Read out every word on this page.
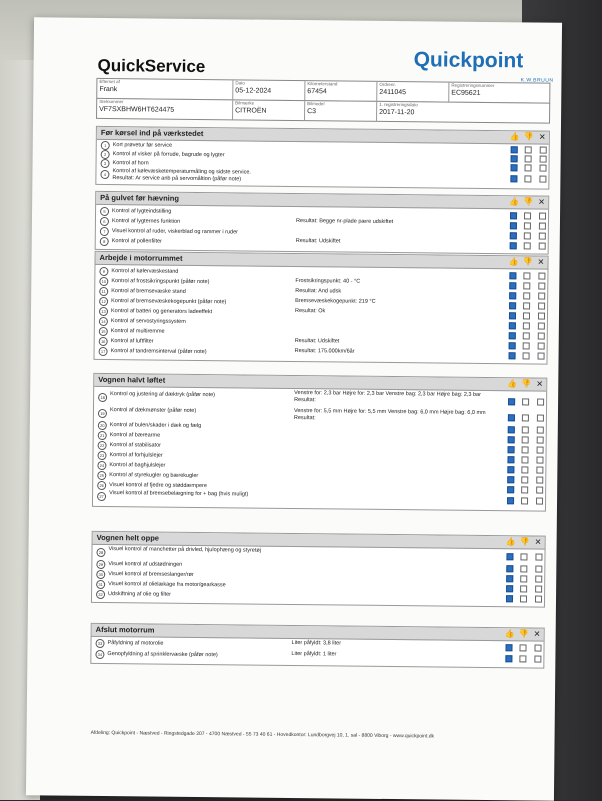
QuickService	Quickpoint
K.W.BRUUN
Efterset af
Frank
Dato
05-12-2024
Kilometerstand
67454
Ordrenr.
2411045
Registreringsnummer
EC95621
Stelnummer
VF7SXBHW6HT624475
Bilmærke
CITROËN
Bilmodel
C3
1. registreringsdato
2017-11-20
Før kørsel ind på værkstedet	👍 👎 ✕
1	Kort prøvetur før service
2	Kontrol af visker på forrude, bagrude og lygter
3	Kontrol af horn
4	Kontrol af kølevæsketemperaturmåling og sidste service. Resultat: Ar service anb på servomåltion (påfør note)
På gulvet før hævning	👍 👎 ✕
5	Kontrol af lygteindstilling
6	Kontrol af lygternes funktion	Resultat: Begge nr-plade pære udskiftet
7	Visuel kontrol af ruder, viskerblad og rammer i ruder
8	Kontrol af pollenfilter	Resultat: Udskiftet
Arbejde i motorrummet	👍 👎 ✕
9	Kontrol af kølervæskestand
10 Kontrol af frostsikringspunkt (påfør note)	Frostsikringspunkt: 40 - °C
11 Kontrol af bremsevæske stand	Resultat: And udsk
12 Kontrol af bremsevæskekogepunkt (påfør note)	Bremsevæskekogepunkt: 219 °C
13 Kontrol af batteri og generators ladeeffekt	Resultat: Ok
14 Kontrol af servostyringssystem
15 Kontrol af multiremme
16 Kontrol af luftfilter	Resultat: Udskiftet
17 Kontrol af tandremsinterval (påfør note)	Resultat: 175.000km/6år
Vognen halvt løftet	👍 👎 ✕
18 Kontrol og justering af dæktryk (påfør note)	Venstre for: 2,3 bar Højre for: 2,3 bar Venstre bag: 2,3 bar Højre bag: 2,3 bar Resultat:
19 Kontrol af dækmønster (påfør note)	Venstre for: 5,5 mm Højre for: 5,5 mm Venstre bag: 6,0 mm Højre bag: 6,0 mm Resultat:
20 Kontrol af bulen/skader i dæk og fælg
21 Kontrol af bærearme
22 Kontrol af stabilisator
23 Kontrol af forhjulslejer
24 Kontrol af baghjulslejer
25 Kontrol af styrekugler og bærekugler
26 Visuel kontrol af fjedre og støddæmpere
27 Visuel kontrol af bremsebelægning for + bag (hvis muligt)
Vognen helt oppe	👍 👎 ✕
28 Visuel kontrol af manchetter på drivled, hjulophæng og styretøj
29 Visuel kontrol af udstødningen
30 Visuel kontrol af bremseslanger/rør
31 Visuel kontrol af olielækage fra motor/gearkasse
32 Udskiftning af olie og filter
Afslut motorrum	👍 👎 ✕
33 Påfyldning af motorolie	Liter påfyldt: 3,8 liter
34 Genopfyldning af sprinklervæske (påfør note)	Liter påfyldt: 1 liter
Afdeling: Quickpoint - Næstved - Ringstedgade 207 - 4700 Næstved - 55 73 40 61 - Hovedkontor: Lundborgvej 10, 1. sal - 8800 Viborg - www.quickpoint.dk	Side 1 af 4
